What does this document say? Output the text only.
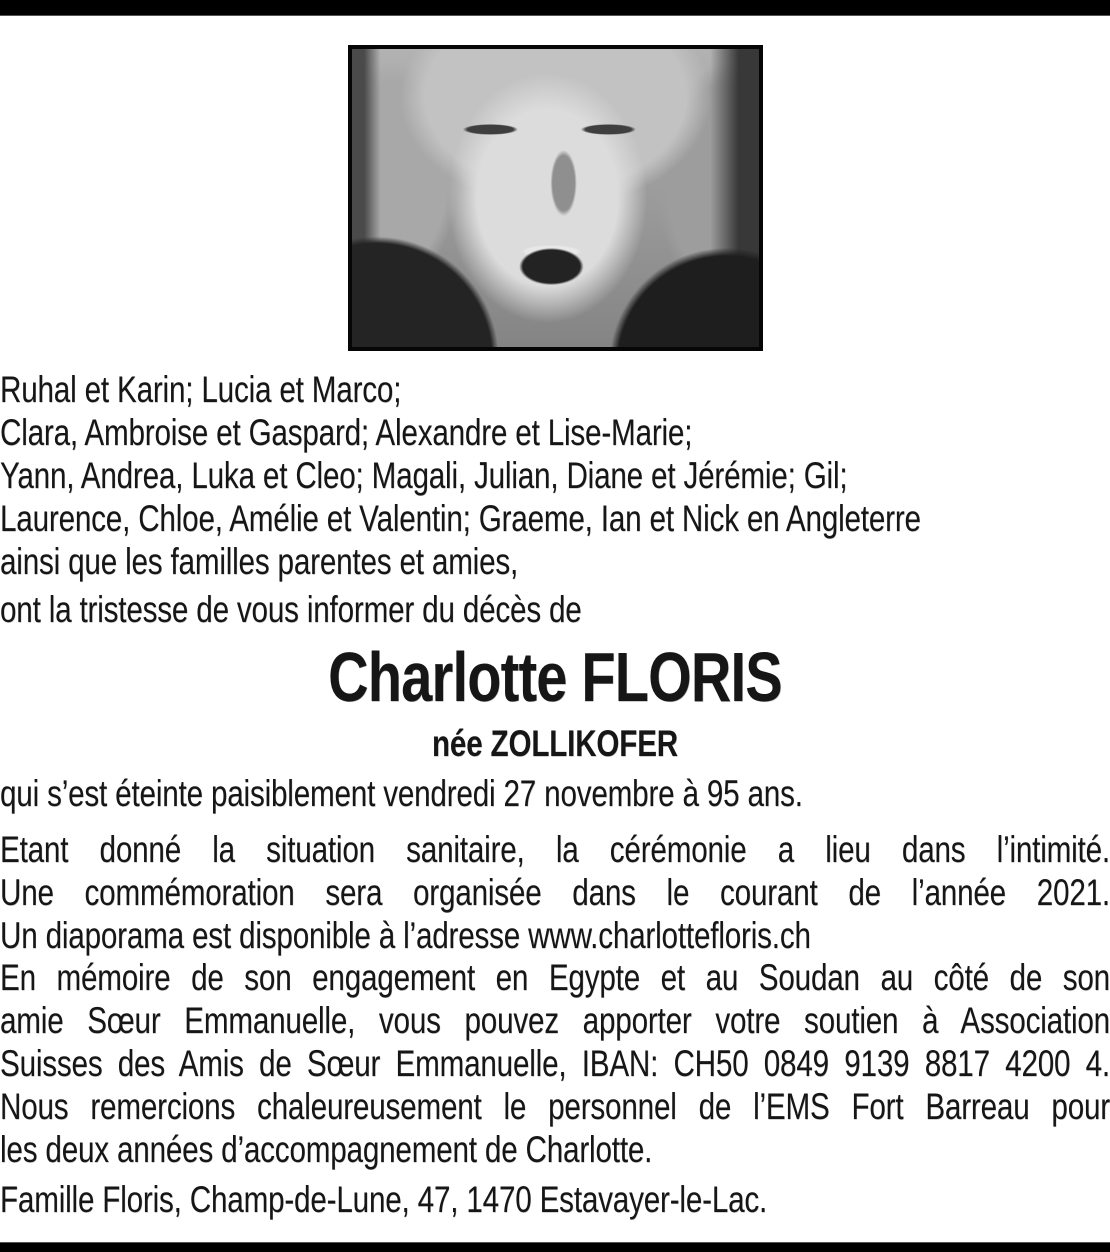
Ruhal et Karin; Lucia et Marco;
Clara, Ambroise et Gaspard; Alexandre et Lise-Marie;
Yann, Andrea, Luka et Cleo; Magali, Julian, Diane et Jérémie; Gil;
Laurence, Chloe, Amélie et Valentin; Graeme, Ian et Nick en Angleterre
ainsi que les familles parentes et amies,
ont la tristesse de vous informer du décès de
Charlotte FLORIS
née ZOLLIKOFER
qui s’est éteinte paisiblement vendredi 27 novembre à 95 ans.
Etant donné la situation sanitaire, la cérémonie a lieu dans l’intimité.
Une commémoration sera organisée dans le courant de l’année 2021.
Un diaporama est disponible à l’adresse www.charlottefloris.ch
En mémoire de son engagement en Egypte et au Soudan au côté de son
amie Sœur Emmanuelle, vous pouvez apporter votre soutien à Association
Suisses des Amis de Sœur Emmanuelle, IBAN: CH50 0849 9139 8817 4200 4.
Nous remercions chaleureusement le personnel de l’EMS Fort Barreau pour
les deux années d’accompagnement de Charlotte.
Famille Floris, Champ-de-Lune, 47, 1470 Estavayer-le-Lac.
